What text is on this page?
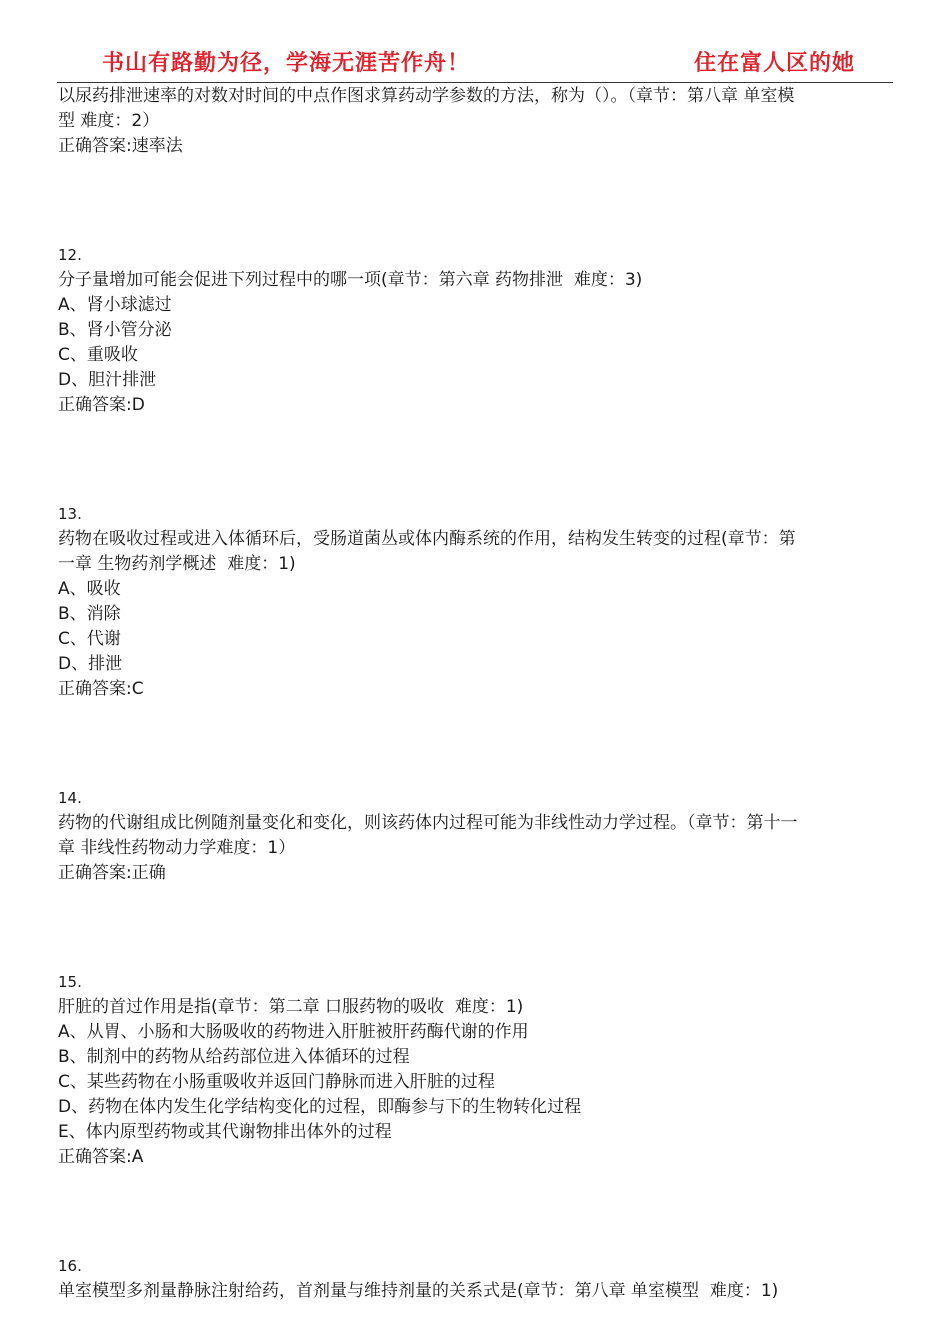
书山有路勤为径，学海无涯苦作舟！	住在富人区的她
以尿药排泄速率的对数对时间的中点作图求算药动学参数的方法，称为（）。（章节：第八章 单室模
型 难度：2）
正确答案:速率法
12.
分子量增加可能会促进下列过程中的哪一项(章节：第六章 药物排泄  难度：3)
A、肾小球滤过
B、肾小管分泌
C、重吸收
D、胆汁排泄
正确答案:D
13.
药物在吸收过程或进入体循环后，受肠道菌丛或体内酶系统的作用，结构发生转变的过程(章节：第
一章 生物药剂学概述  难度：1)
A、吸收
B、消除
C、代谢
D、排泄
正确答案:C
14.
药物的代谢组成比例随剂量变化和变化，则该药体内过程可能为非线性动力学过程。（章节：第十一
章 非线性药物动力学难度：1）
正确答案:正确
15.
肝脏的首过作用是指(章节：第二章 口服药物的吸收  难度：1)
A、从胃、小肠和大肠吸收的药物进入肝脏被肝药酶代谢的作用
B、制剂中的药物从给药部位进入体循环的过程
C、某些药物在小肠重吸收并返回门静脉而进入肝脏的过程
D、药物在体内发生化学结构变化的过程，即酶参与下的生物转化过程
E、体内原型药物或其代谢物排出体外的过程
正确答案:A
16.
单室模型多剂量静脉注射给药，首剂量与维持剂量的关系式是(章节：第八章 单室模型  难度：1)
